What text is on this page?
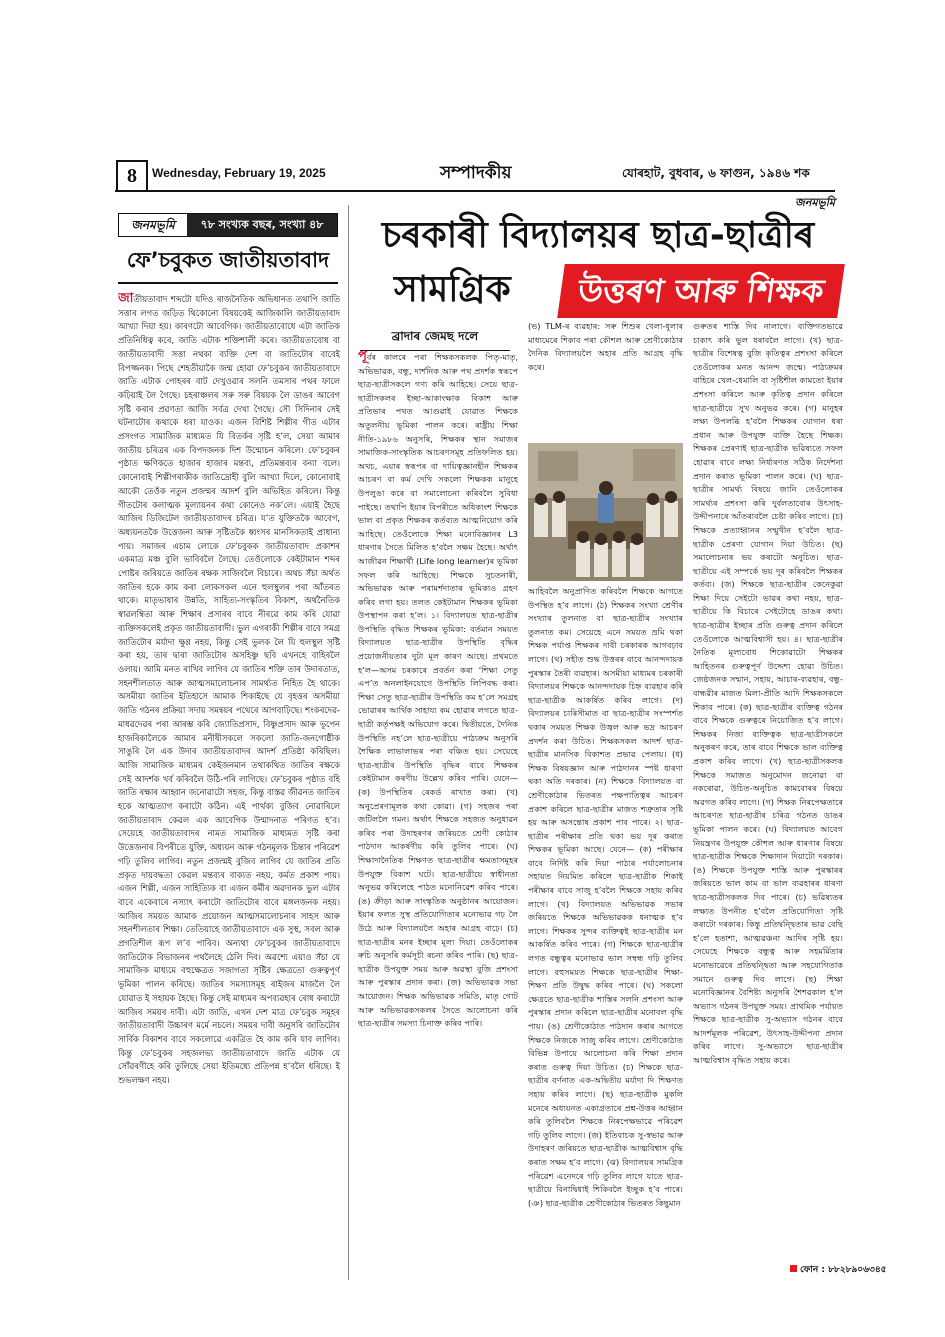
8	Wednesday, February 19, 2025	সম্পাদকীয়	যোৰহাট, বুধবাৰ, ৬ ফাগুন, ১৯৪৬ শক
জনমভূমি
জনমভূমি	৭৮ সংখ্যক বছৰ, সংখ্যা ৪৮
ফে’চবুকত জাতীয়তাবাদ
জাতীয়তাবাদ শব্দটো যদিও ৰাজনৈতিক অভিধানত তথাপি জাতি সত্তাৰ লগত জড়িত থিকোনো বিষয়কেই আজিকালি জাতীয়তাবাদ আখ্যা দিয়া হয়। কাৰণটো আবেগিক। জাতীয়তাবোধে এটা জাতিক প্ৰতিনিধিত্ব কৰে, জাতি এটাক শক্তিশালী কৰে। জাতীয়তাবোধ বা জাতীয়তাবাদী সত্তা নথকা ব্যক্তি দেশ বা জাতিটোৰ বাবেই বিপজ্জনক। পিছে শেহতীয়াকৈ জন্ম হোৱা ফে’চবুকৰ জাতীয়তাবাদে জাতি এটাক পোহৰৰ বাট দেখুওৱাৰ সলনি তমসাৰ পথৰ ফালে কঢ়িয়াই লৈ গৈছে। চহৰাঞ্চলৰ সৰু সৰু বিষয়ক লৈ ডাঙৰ আবেগ সৃষ্টি কৰাৰ প্ৰৱণতা আজি সৰ্বত্ৰ দেখা গৈছে। সৌ সিদিনাৰ সেই ঘটনাটোৰ কথাকে ধৰা যাওক। এজন বিশিষ্ট শিল্পীৰ গীত এটাৰ প্ৰসংগত সামাজিক মাধ্যমত যি বিতৰ্কৰ সৃষ্টি হ’ল, সেয়া আমাৰ জাতীয় চৰিত্ৰৰ এক বিপদজনক দিশ উন্মোচন কৰিলে। ফে’চবুকৰ পৃষ্ঠাত ক্ষণিকতে হাজাৰ হাজাৰ মন্তব্য, প্ৰতিমন্তব্যৰ বন্যা বলে। কোনোবাই শিল্পীগৰাকীক জাতিদ্ৰোহী বুলি আখ্যা দিলে, কোনোবাই আকৌ তেওঁক নতুন প্ৰজন্মৰ আদৰ্শ বুলি অভিহিত কৰিলে। কিন্তু গীতটোৰ কলাত্মক মূল্যায়নৰ কথা কোনেও নক’লে। এয়াই হৈছে আজিৰ ডিজিটেল জাতীয়তাবাদৰ চৰিত্ৰ। য’ত যুক্তিতকৈ আবেগ, অধ্যয়নতকৈ উত্তেজনা আৰু সৃষ্টিতকৈ ধ্বংসৰ মানসিকতাই প্ৰাধান্য পায়। সমাজৰ এচাম লোকে ফে’চবুকক জাতীয়তাবাদ প্ৰকাশৰ একমাত্ৰ মঞ্চ বুলি ভাবিবলৈ লৈছে। তেওঁলোকে কেইটামান শব্দৰ পোষ্টৰ জৰিয়তে জাতিৰ ৰক্ষক সাজিবলৈ বিচাৰে। অথচ সঁচা অৰ্থত জাতিৰ হকে কাম কৰা লোকসকল এনে হুলস্থুলৰ পৰা আঁতৰত থাকে। মাতৃভাষাৰ উন্নতি, সাহিত্য-সংস্কৃতিৰ বিকাশ, অৰ্থনৈতিক স্বাৱলম্বিতা আৰু শিক্ষাৰ প্ৰসাৰৰ বাবে নীৰৱে কাম কৰি যোৱা ব্যক্তিসকলেই প্ৰকৃত জাতীয়তাবাদী। ভুল এগৰাকী শিল্পীৰ বাবে সমগ্ৰ জাতিটোৰ মৰ্যাদা ক্ষুণ্ণ নহয়, কিন্তু সেই ভুলক লৈ যি হুলস্থুল সৃষ্টি কৰা হয়, তাৰ দ্বাৰা জাতিটোৰ অসহিষ্ণু ছবি এখনহে বাহিৰলৈ ওলায়। আমি মনত ৰাখিব লাগিব যে জাতিৰ শক্তি তাৰ উদাৰতাত, সহনশীলতাত আৰু আত্মসমালোচনাৰ সামৰ্থ্যত নিহিত হৈ থাকে। অসমীয়া জাতিৰ ইতিহাসে আমাক শিকাইছে যে বৃহত্তৰ অসমীয়া জাতি গঠনৰ প্ৰক্ৰিয়া সদায় সমন্বয়ৰ পথেৰে আগবাঢ়িছে। শংকৰদেৱ-মাধৱদেৱৰ পৰা আৰম্ভ কৰি জ্যোতিপ্ৰসাদ, বিষ্ণুপ্ৰসাদ আৰু ভূপেন হাজৰিকালৈকে আমাৰ মনীষীসকলে সকলো জাতি-জনগোষ্ঠীক সাঙুৰি লৈ এক উদাৰ জাতীয়তাবাদৰ আদৰ্শ প্ৰতিষ্ঠা কৰিছিল। আজি সামাজিক মাধ্যমৰ কেইজনমান তথাকথিত জাতিৰ ৰক্ষকে সেই আদৰ্শক খৰ্ব কৰিবলৈ উঠি-পৰি লাগিছে। ফে’চবুকৰ পৃষ্ঠাত বহি জাতি ৰক্ষাৰ আহ্বান জনোৱাটো সহজ, কিন্তু বাস্তৱ জীৱনত জাতিৰ হকে আত্মত্যাগ কৰাটো কঠিন। এই পাৰ্থক্য বুজিব নোৱাৰিলে জাতীয়তাবাদ কেৱল এক আবেগিক উন্মাদনাত পৰিণত হ’ব। সেয়েহে জাতীয়তাবাদৰ নামত সামাজিক মাধ্যমত সৃষ্টি কৰা উত্তেজনাৰ বিপৰীতে যুক্তি, অধ্যয়ন আৰু গঠনমূলক চিন্তাৰ পৰিৱেশ গঢ়ি তুলিব লাগিব। নতুন প্ৰজন্মই বুজিব লাগিব যে জাতিৰ প্ৰতি প্ৰকৃত দায়বদ্ধতা কেৱল মন্তব্যৰ বাক্যত নহয়, কৰ্মত প্ৰকাশ পায়। এজন শিল্পী, এজন সাহিত্যিক বা এজন কৰ্মীৰ অৱদানক ভুল এটাৰ বাবে একেবাৰে নস্যাৎ কৰাটো জাতিটোৰ বাবে মঙ্গলজনক নহয়। আজিৰ সময়ত আমাক প্ৰয়োজন আত্মসমালোচনাৰ সাহস আৰু সহনশীলতাৰ শিক্ষা। তেতিয়াহে জাতীয়তাবাদে এক সুস্থ, সবল আৰু প্ৰগতিশীল ৰূপ ল’ব পাৰিব। অন্যথা ফে’চবুকৰ জাতীয়তাবাদে জাতিটোক বিভাজনৰ পথলৈহে ঠেলি দিব। অৱশ্যে এয়াও সঁচা যে সামাজিক মাধ্যমে বহুক্ষেত্ৰত সজাগতা সৃষ্টিৰ ক্ষেত্ৰতো গুৰুত্বপূৰ্ণ ভূমিকা পালন কৰিছে। জাতিৰ সমস্যাসমূহ ৰাইজৰ মাজলৈ লৈ যোৱাত ই সহায়ক হৈছে। কিন্তু সেই মাধ্যমৰ অপব্যৱহাৰ ৰোধ কৰাটো আজিৰ সময়ৰ দাবী। এটা জাতি, এখন দেশ মাত্ৰ ফে’চবুক সমূহৰ জাতীয়তাবাদী উচ্চাৰণ মৰ্মে নচলে। সময়ৰ দাবী অনুসৰি জাতিটোৰ সাৰ্বিক বিকাশৰ বাবে সকলোৱে একত্ৰিত হৈ কাম কৰি যাব লাগিব। কিন্তু ফে’চবুকৰ সহজলভ্য জাতীয়তাবাদে জাতি এটাক যে সোঁৱৰণীহে কৰি তুলিছে সেয়া ইতিমধ্যে প্ৰতিপন্ন হ’বলৈ ধৰিছে। ই শুভলক্ষণ নহয়।
চৰকাৰী বিদ্যালয়ৰ ছাত্ৰ-ছাত্ৰীৰ
সামগ্ৰিক	উত্তৰণ আৰু শিক্ষক
ব্ৰাদাৰ জেমছ দলে
পূৰ্বৰ কালৰে পৰা শিক্ষকসকলক পিতৃ-মাতৃ, অভিভাৱক, বন্ধু, দাৰ্শনিক আৰু পথ প্ৰদৰ্শক স্বৰূপে ছাত্ৰ-ছাত্ৰীসকলে গণ্য কৰি আহিছে। সেয়ে ছাত্ৰ-ছাত্ৰীসকলৰ ইচ্ছা-আকাংক্ষাক বিকাশ আৰু প্ৰতিভাৰ পথত আগুৱাই যোৱাত শিক্ষকে অতুলনীয় ভূমিকা পালন কৰে। ৰাষ্ট্ৰীয় শিক্ষা নীতি-১৯৮৬ অনুসৰি, শিক্ষকৰ স্থান সমাজৰ সামাজিক-সাংস্কৃতিক আচৰণসমূহ প্ৰতিফলিত হয়। অথচ, এয়াৰ স্বৰূপৰ বা দায়িত্বজ্ঞানহীন শিক্ষকৰ আচৰণ বা কৰ্ম দেখি সকলো শিক্ষকক মানুহে উপলুঙা কৰে বা সমালোচনা কৰিবলৈ সুবিধা পাইছে। তথাপি ইয়াৰ বিপৰীতে অধিকাংশ শিক্ষকে ভাল বা প্ৰকৃত শিক্ষকৰ কৰ্তব্যত আত্মনিয়োগ কৰি আহিছে। তেওঁলোকে শিক্ষা মনোবিজ্ঞানৰ L3 ধাৰণাৰ সৈতে মিলিত হ’বলৈ সক্ষম হৈছে। অৰ্থাৎ আজীৱন শিক্ষাৰ্থী (Life long learner)ৰ ভূমিকা সফল কৰি আহিছে। শিক্ষকে সুচতনাৰী, অভিভাৱক আৰু পৰামৰ্শদাতাৰ ভূমিকাও গ্ৰহণ কৰিব লগা হয়। তলত কেইটামান শিক্ষকৰ ভূমিকা উপস্থাপন কৰা হ’ল। ১। বিদ্যালয়ত ছাত্ৰ-ছাত্ৰীৰ উপস্থিতি বৃদ্ধিত শিক্ষকৰ ভূমিকা: বৰ্তমান সময়ত বিদ্যালয়ত ছাত্ৰ-ছাত্ৰীৰ উপস্থিতি বৃদ্ধিৰ প্ৰয়োজনীয়তাৰ দুটা মূল কাৰণ আছে। প্ৰথমতে হ’ল—অসম চৰকাৰে প্ৰবৰ্তন কৰা ‘শিক্ষা সেতু এপ’ত অনলাইনযোগে উপস্থিতি লিপিবদ্ধ কৰা। শিক্ষা সেতু ছাত্ৰ-ছাত্ৰীৰ উপস্থিতি কম হ’লে সমগ্ৰহ ভোৱাৰৰ আৰ্থিক সাহায্য কম হোৱাৰ লগতে ছাত্ৰ-ছাত্ৰী কৰ্তৃপক্ষই অভিযোগ কৰে। দ্বিতীয়তে, দৈনিক উপস্থিতি নহ’লে ছাত্ৰ-ছাত্ৰীয়ে পাঠ্যক্ৰম অনুসৰি শৈক্ষিক লাভালাভৰ পৰা বঞ্চিত হয়। সেয়েহে ছাত্ৰ-ছাত্ৰীৰ উপস্থিতি বৃদ্ধিৰ বাবে শিক্ষকৰ কেইটামান কৰণীয় উল্লেখ কৰিব পাৰি। যেনে— (ক) উপস্থিতিৰ ৰেকৰ্ড ৰাখাত কৰা। (খ) অনুপ্ৰেৰণামূলক কথা কোৱা। (গ) সহজৰ পৰা জটিললৈ গমন। অৰ্থাৎ শিক্ষকে সহজত অনুধাৱন কৰিব পৰা উদাহৰণৰ জৰিয়তে শ্ৰেণী কোঠাৰ পাঠদান আকৰ্ষণীয় কৰি তুলিব পাৰে। (ঘ) শিক্ষাদানৈতিক শিক্ষণত ছাত্ৰ-ছাত্ৰীৰ ক্ষমতাসমূহৰ উপযুক্ত বিকাশ ঘটে। ছাত্ৰ-ছাত্ৰীয়ে স্বাধীনতা অনুভৱ কৰিলেহে পাঠত মনোনিৱেশ কৰিব পাৰে। (ঙ) ক্ৰীড়া আৰু সাংস্কৃতিক অনুষ্ঠানৰ আয়োজন। ইয়াৰ ফলত সুস্থ প্ৰতিযোগিতাৰ মনোভাৱ গঢ় লৈ উঠে আৰু বিদ্যালয়লৈ অহাৰ আগ্ৰহ বাঢ়ে। (চ) ছাত্ৰ-ছাত্ৰীৰ মনৰ ইচ্ছাৰ মূল্য দিয়া। তেওঁলোকৰ ৰুচি অনুসৰি কৰ্মসূচী ৰচনা কৰিব পাৰি। (ছ) ছাত্ৰ-ছাত্ৰীক উপযুক্ত সময় আৰু অৱস্থা বুজি প্ৰশংসা আৰু পুৰস্কাৰ প্ৰদান কৰা। (জ) অভিভাৱক সভা আয়োজন। শিক্ষক অভিভাৱক সমিতি, মাতৃ গোট আৰু অভিভাৱকসকলৰ সৈতে আলোচনা কৰি ছাত্ৰ-ছাত্ৰীৰ সমস্যা চিনাক্ত কৰিব পাৰি।
(ভ) TLM-ৰ ব্যৱহাৰ: সৰু শিশুৰ খেলা-ধূলাৰ মাধ্যমেৰে শিকাব পৰা কৌশল আৰু শ্ৰেণীকোঠাৰ দৈনিক বিদ্যালয়লৈ অহাৰ প্ৰতি আগ্ৰহ বৃদ্ধি কৰে।
আহিবলৈ অনুপ্ৰাণিত কৰিবলৈ শিক্ষকে আগতে উপস্থিত হ’ব লাগে। (ঠ) শিক্ষকৰ সংখ্যা শ্ৰেণীৰ সংখ্যাৰ তুলনাত বা ছাত্ৰ-ছাত্ৰীৰ সংখ্যাৰ তুলনাত কম। সেয়েহে এনে সময়ত ভ্ৰমি থকা শিক্ষক পৰ্যাপ্ত শিক্ষকৰ দাবী চৰকাৰক আগবঢ়াব লাগে। (থ) সহীত শুদ্ধ উত্তৰৰ বাবে আনন্দদায়ক পুৰস্কাৰ তৈৰী ব্যৱহাৰ। অসমীয়া মাধ্যমৰ চৰকাৰী বিদ্যালয়ৰ শিক্ষকে আনন্দদায়ক চিহ্ন ব্যৱহাৰ কৰি ছাত্ৰ-ছাত্ৰীক আকৰ্ষিত কৰিব লাগে। (দ) বিদ্যালয়ৰ চাৰিসীমাত বা ছাত্ৰ-ছাত্ৰীৰ সংস্পৰ্শত থকাৰ সময়ত শিক্ষক উজ্বল আৰু ভদ্ৰ আচৰণ প্ৰদৰ্শন কৰা উচিত। শিক্ষকসকল আদৰ্শ ছাত্ৰ-ছাত্ৰীৰ মানসিক বিকাশত প্ৰভাৱ পেলায়। (ধ) শিক্ষক বিষয়জ্ঞান আৰু পাঠদানৰ স্পষ্ট ধাৰণা থকা অতি দৰকাৰ। (ন) শিক্ষকে বিদ্যালয়ত বা শ্ৰেণীকোঠাৰ ভিতৰত পক্ষপাতিত্বৰ আচৰণ প্ৰকাশ কৰিলে ছাত্ৰ-ছাত্ৰীৰ মাজত শত্ৰুতাৰ সৃষ্টি হয় আৰু অসন্তোষ প্ৰকাশ পাব পাৰে। ২। ছাত্ৰ-ছাত্ৰীৰ পৰীক্ষাৰ প্ৰতি থকা ভয় দূৰ কৰাত শিক্ষকৰ ভূমিকা আছে। যেনে— (ক) পৰীক্ষাৰ বাবে নিৰ্দিষ্ট কৰি দিয়া পাঠ্যৰ পৰ্যালোচনাৰ সহায়ত নিয়মিত কৰিলে ছাত্ৰ-ছাত্ৰীক শিকাই পৰীক্ষাৰ বাবে সাজু হ’বলৈ শিক্ষকে সহায় কৰিব লাগে। (খ) বিদ্যালয়ত অভিভাৱক সভাৰ জৰিয়তে শিক্ষকে অভিভাৱকক ধনাত্মক হ’ব লাগে। শিক্ষকৰ সুন্দৰ ব্যক্তিত্বই ছাত্ৰ-ছাত্ৰীৰ মন আকৰ্ষিত কৰিব পাৰে। (গ) শিক্ষকে ছাত্ৰ-ছাত্ৰীৰ লগত বন্ধুত্বৰ মনোভাৱ ভাল সম্বন্ধ গঢ়ি তুলিব লাগে। বহুসময়ত শিক্ষকে ছাত্ৰ-ছাত্ৰীৰ শিক্ষা-শিক্ষণ প্ৰতি উদ্বুদ্ধ কৰিব পাৰে। (ঘ) সকলো ক্ষেত্ৰতে ছাত্ৰ-ছাত্ৰীক শাস্তিৰ সলনি প্ৰশংসা আৰু পুৰস্কাৰ প্ৰদান কৰিলে ছাত্ৰ-ছাত্ৰীৰ মনোবল বৃদ্ধি পায়। (ঙ) শ্ৰেণীকোঠাত পাঠদান কৰাৰ আগতে শিক্ষকে নিজকে সাজু কৰিব লাগে। শ্ৰেণীকোঠাত বিভিন্ন উপায়ে আলোচনা কৰি শিক্ষা প্ৰদান কৰাত গুৰুত্ব দিয়া উচিত। (চ) শিক্ষকে ছাত্ৰ-ছাত্ৰীৰ বৰ্ণনাত এক-অদ্বিতীয় মৰ্যাদা দি শিক্ষণত সহায় কৰিব লাগে। (ছ) ছাত্ৰ-ছাত্ৰীক মুকলি মনেৰে অধ্যয়নত একাগ্ৰতাৰে প্ৰশ্ন-উত্তৰ আহ্বান কৰি তুলিবলৈ শিক্ষকে নিৰপেক্ষভাৱে পৰিৱেশ গঢ়ি তুলিব লাগে। (জ) ইতিবাচক সু-স্বভাৱ আৰু উদাহৰণ জৰিয়তে ছাত্ৰ-ছাত্ৰীক আত্মবিশ্বাস বৃদ্ধি কৰাত সক্ষম হ’ব লাগে। (ঝ) বিদ্যালয়ৰ সামগ্ৰিক পৰিৱেশ এনেদৰে গঢ়ি তুলিব লাগে যাতে ছাত্ৰ-ছাত্ৰীয়ে বিনাদ্বিধাই শিকিবলৈ ইচ্ছুক হ’ব পাৰে। (ঞ) ছাত্ৰ-ছাত্ৰীক শ্ৰেণীকোঠাৰ ভিতৰত কিছুমান
গুৰুতৰ শাস্তি দিব নালাগে। ব্যক্তিগতভাৱে চাকাৎ কৰি ভুল ধৰাবলৈ লাগে। (খ) ছাত্ৰ-ছাত্ৰীৰ বিশেষত্ব বুজি কৃতিত্বৰ প্ৰশংসা কৰিলে তেওঁলোকৰ মনত আনন্দ জন্মে। পাঠ্যক্ৰমৰ বাহিৰে খেল-ধেমালি বা সৃষ্টিশীল কামতো ইয়াৰ প্ৰশংসা কৰিলে আৰু কৃতিত্ব প্ৰদান কৰিলে ছাত্ৰ-ছাত্ৰীয়ে সুখ অনুভৱ কৰে। (গ) মানুহৰ লক্ষ্য উপলব্ধি হ’বলৈ শিক্ষকৰ যোগান ধৰা প্ৰধান আৰু উপযুক্ত ব্যক্তি হৈছে শিক্ষক। শিক্ষকৰ প্ৰেৰণাই ছাত্ৰ-ছাত্ৰীক ভৱিষ্যতে সফল হোৱাৰ বাবে লক্ষ্য নিৰ্ধাৰণত সঠিক নিৰ্দেশনা প্ৰদান কৰাত ভূমিকা পালন কৰে। (ঘ) ছাত্ৰ-ছাত্ৰীৰ সামৰ্থ্য বিষয়ে জানি তেওঁলোকৰ সামৰ্থ্যৰ প্ৰশংসা কৰি দুৰ্বলতাবোৰ উৎসাহ-উদ্দীপনাৰে আঁতৰাবলৈ চেষ্টা কৰিব লাগে। (চ) শিক্ষকে প্ৰত্যাহ্বানৰ সন্মুখীন হ’বলৈ ছাত্ৰ-ছাত্ৰীক প্ৰেৰণা যোগান দিয়া উচিত। (ছ) সমালোচনাৰ ভয় কৰাটো অনুচিত। ছাত্ৰ-ছাত্ৰীয়ে এই সম্পৰ্কে ভয় দূৰ কৰিবলৈ শিক্ষকৰ কৰ্তব্য। (জ) শিক্ষকে ছাত্ৰ-ছাত্ৰীৰ কেনেকুৱা শিক্ষা দিয়ে সেইটো ভাৱৰ কথা নহয়, ছাত্ৰ-ছাত্ৰীয়ে কি বিচাৰে সেইটোহে ডাঙৰ কথা। ছাত্ৰ-ছাত্ৰীৰ ইচ্ছাৰ প্ৰতি গুৰুত্ব প্ৰদান কৰিলে তেওঁলোকে আত্মবিশ্বাসী হয়। ৪। ছাত্ৰ-ছাত্ৰীৰ নৈতিক মূল্যবোধ শিকোৱাটো শিক্ষকৰ আহিতনৰ গুৰুত্বপূৰ্ণ উদ্দেশ্য হোৱা উচিত। জেষ্ঠজনক সন্মান, সহায়, আচাৰ-ব্যৱহাৰ, বন্ধু-বান্ধৱীৰ মাজত মিলা-প্ৰীতি আদি শিক্ষকসকলে শিকাব পাৰে। (ক) ছাত্ৰ-ছাত্ৰীৰ ব্যক্তিত্ব গঠনৰ বাবে শিক্ষকে গুৰুত্বৰে নিয়োজিত হ’ব লাগে। শিক্ষকৰ নিজা ব্যক্তিত্বক ছাত্ৰ-ছাত্ৰীসকলে অনুকৰণ কৰে, তাৰ বাবে শিক্ষকে ভাল ব্যক্তিত্ব প্ৰকাশ কৰিব লাগে। (খ) ছাত্ৰ-ছাত্ৰীসকলক শিক্ষকে সমাজত অনুমোদন জনোৱা বা নকৰোৱা, উচিত-অনুচিত কামবোৰৰ বিষয়ে অৱগত কৰিব লাগে। (গ) শিক্ষক নিৰপেক্ষতাৰে আচৰণত ছাত্ৰ-ছাত্ৰীৰ চৰিত্ৰ গঠনত ডাঙৰ ভূমিকা পালন কৰে। (ঘ) বিদ্যালয়ত আবেগ নিয়ন্ত্ৰণৰ উপযুক্ত কৌশল আৰু ধাৰণাৰ বিষয়ে ছাত্ৰ-ছাত্ৰীক শিক্ষকে শিক্ষাদান দিয়াটো দৰকাৰ। (ঙ) শিক্ষকে উপযুক্ত শাস্তি আৰু পুৰস্কাৰৰ জৰিয়তে ভাল কাম বা ভাল ব্যৱহাৰৰ ধাৰণা ছাত্ৰ-ছাত্ৰীসকলক দিব পাৰে। (চ) ভৱিষ্যতৰ লক্ষ্যত উপনীত হ’বলৈ প্ৰতিযোগিতা সৃষ্টি কৰাটো দৰকাৰ। কিন্তু প্ৰতিদ্বন্দ্বিতাৰ ভাৱ বেছি হ’লে হতাশা, আত্মৱঞ্চনা আদিৰ সৃষ্টি হয়। সেয়েহে শিক্ষকে বন্ধুত্ব আৰু সহমৰ্মিতাৰ মনোভাৱেৰে প্ৰতিদ্বন্দ্বিতা আৰু সহযোগিতাক সমানে গুৰুত্ব দিব লাগে। (ছ) শিক্ষা মনোবিজ্ঞানৰ বৈশিষ্ট্য অনুসৰি শৈশৱকাল হ’ল অভ্যাস গঠনৰ উপযুক্ত সময়। প্ৰাথমিক পৰ্যায়ত শিক্ষকে ছাত্ৰ-ছাত্ৰীক সু-অভ্যাস গঠনৰ বাবে আদৰ্শমূলক পৰিৱেশ, উৎসাহ-উদ্দীপনা প্ৰদান কৰিব লাগে। সু-অভ্যাসে ছাত্ৰ-ছাত্ৰীৰ আত্মবিশ্বাস বৃদ্ধিত সহায় কৰে।
ফোন : ৮৮২৮৯০৬৩৪৫
